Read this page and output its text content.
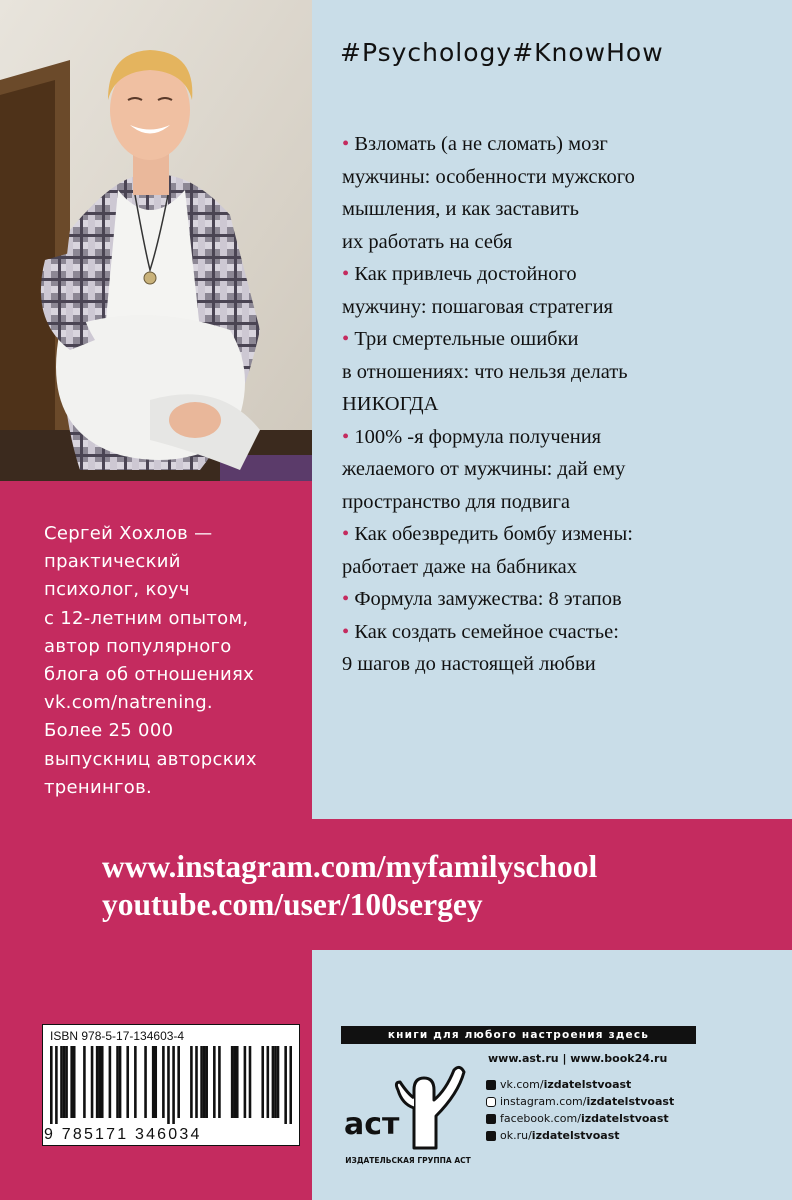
#Psychology#KnowHow
• Взломать (а не сломать) мозг
мужчины: особенности мужского
мышления, и как заставить
их работать на себя
• Как привлечь достойного
мужчину: пошаговая стратегия
• Три смертельные ошибки
в отношениях: что нельзя делать
НИКОГДА
• 100% -я формула получения
желаемого от мужчины: дай ему
пространство для подвига
• Как обезвредить бомбу измены:
работает даже на бабниках
• Формула замужества: 8 этапов
• Как создать семейное счастье:
9 шагов до настоящей любви
Сергей Хохлов —
практический
психолог, коуч
с 12-летним опытом,
автор популярного
блога об отношениях
vk.com/natrening.
Более 25 000
выпускниц авторских
тренингов.
www.instagram.com/myfamilyschool
youtube.com/user/100sergey
книги для любого настроения здесь
аст
ИЗДАТЕЛЬСКАЯ ГРУППА АСТ
www.ast.ru | www.book24.ru
vk.com/ izdatelstvoast
instagram.com/ izdatelstvoast
facebook.com/ izdatelstvoast
ok.ru/ izdatelstvoast
ISBN 978-5-17-134603-4
9 785171 346034
